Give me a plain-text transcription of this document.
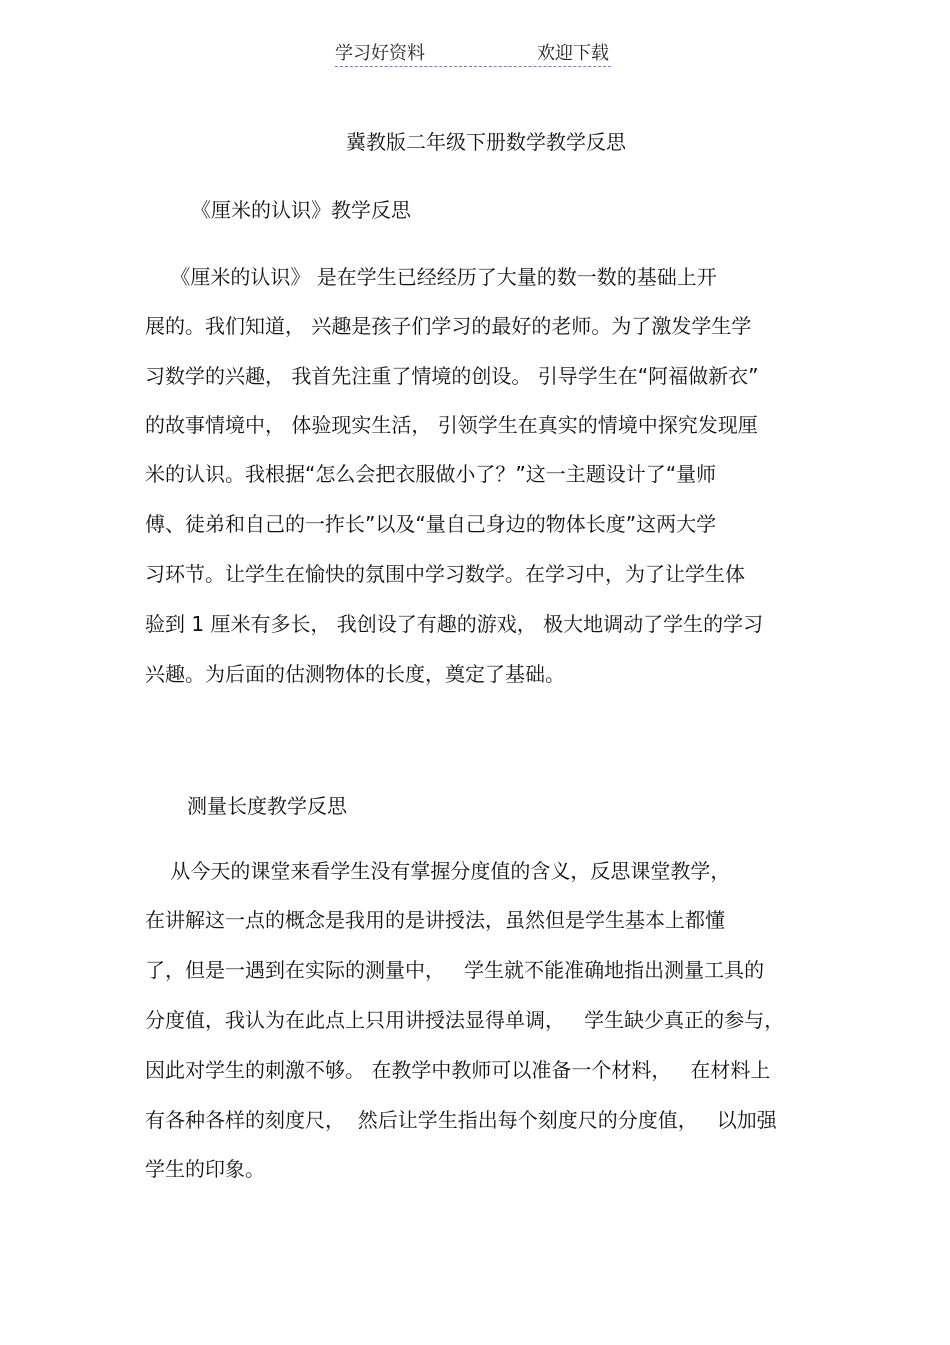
学习好资料	欢迎下载
冀教版二年级下册数学教学反思
《厘米的认识》教学反思
《厘米的认识》 是在学生已经经历了大量的数一数的基础上开
展的。我们知道， 兴趣是孩子们学习的最好的老师。为了激发学生学
习数学的兴趣， 我首先注重了情境的创设。 引导学生在“阿福做新衣”
的故事情境中， 体验现实生活， 引领学生在真实的情境中探究发现厘
米的认识。我根据“怎么会把衣服做小了？”这一主题设计了“量师
傅、徒弟和自己的一拃长”以及“量自己身边的物体长度”这两大学
习环节。让学生在愉快的氛围中学习数学。在学习中，为了让学生体
验到 1 厘米有多长， 我创设了有趣的游戏， 极大地调动了学生的学习
兴趣。为后面的估测物体的长度，奠定了基础。
测量长度教学反思
从今天的课堂来看学生没有掌握分度值的含义，反思课堂教学，
在讲解这一点的概念是我用的是讲授法，虽然但是学生基本上都懂
了，但是一遇到在实际的测量中，   学生就不能准确地指出测量工具的
分度值，我认为在此点上只用讲授法显得单调，   学生缺少真正的参与，
因此对学生的刺激不够。 在教学中教师可以准备一个材料，   在材料上
有各种各样的刻度尺，  然后让学生指出每个刻度尺的分度值，   以加强
学生的印象。
